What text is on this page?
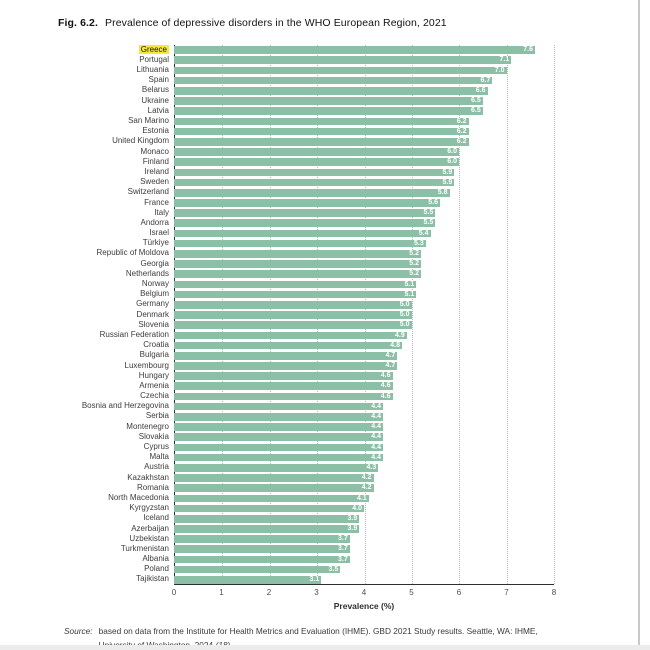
Fig. 6.2. Prevalence of depressive disorders in the WHO European Region, 2021
Greece	7.6
Portugal	7.1
Lithuania	7.0
Spain	6.7
Belarus	6.6
Ukraine	6.5
Latvia	6.5
San Marino	6.2
Estonia	6.2
United Kingdom	6.2
Monaco	6.0
Finland	6.0
Ireland	5.9
Sweden	5.9
Switzerland	5.8
France	5.6
Italy	5.5
Andorra	5.5
Israel	5.4
Türkiye	5.3
Republic of Moldova	5.2
Georgia	5.2
Netherlands	5.2
Norway	5.1
Belgium	5.1
Germany	5.0
Denmark	5.0
Slovenia	5.0
Russian Federation	4.9
Croatia	4.8
Bulgaria	4.7
Luxembourg	4.7
Hungary	4.6
Armenia	4.6
Czechia	4.6
Bosnia and Herzegovina	4.4
Serbia	4.4
Montenegro	4.4
Slovakia	4.4
Cyprus	4.4
Malta	4.4
Austria	4.3
Kazakhstan	4.2
Romania	4.2
North Macedonia	4.1
Kyrgyzstan	4.0
Iceland	3.9
Azerbaijan	3.9
Uzbekistan	3.7
Turkmenistan	3.7
Albania	3.7
Poland	3.5
Tajikistan	3.1
0	1	2	3	4	5	6	7	8
Prevalence (%)
Source: based on data from the Institute for Health Metrics and Evaluation (IHME). GBD 2021 Study results. Seattle, WA: IHME,
